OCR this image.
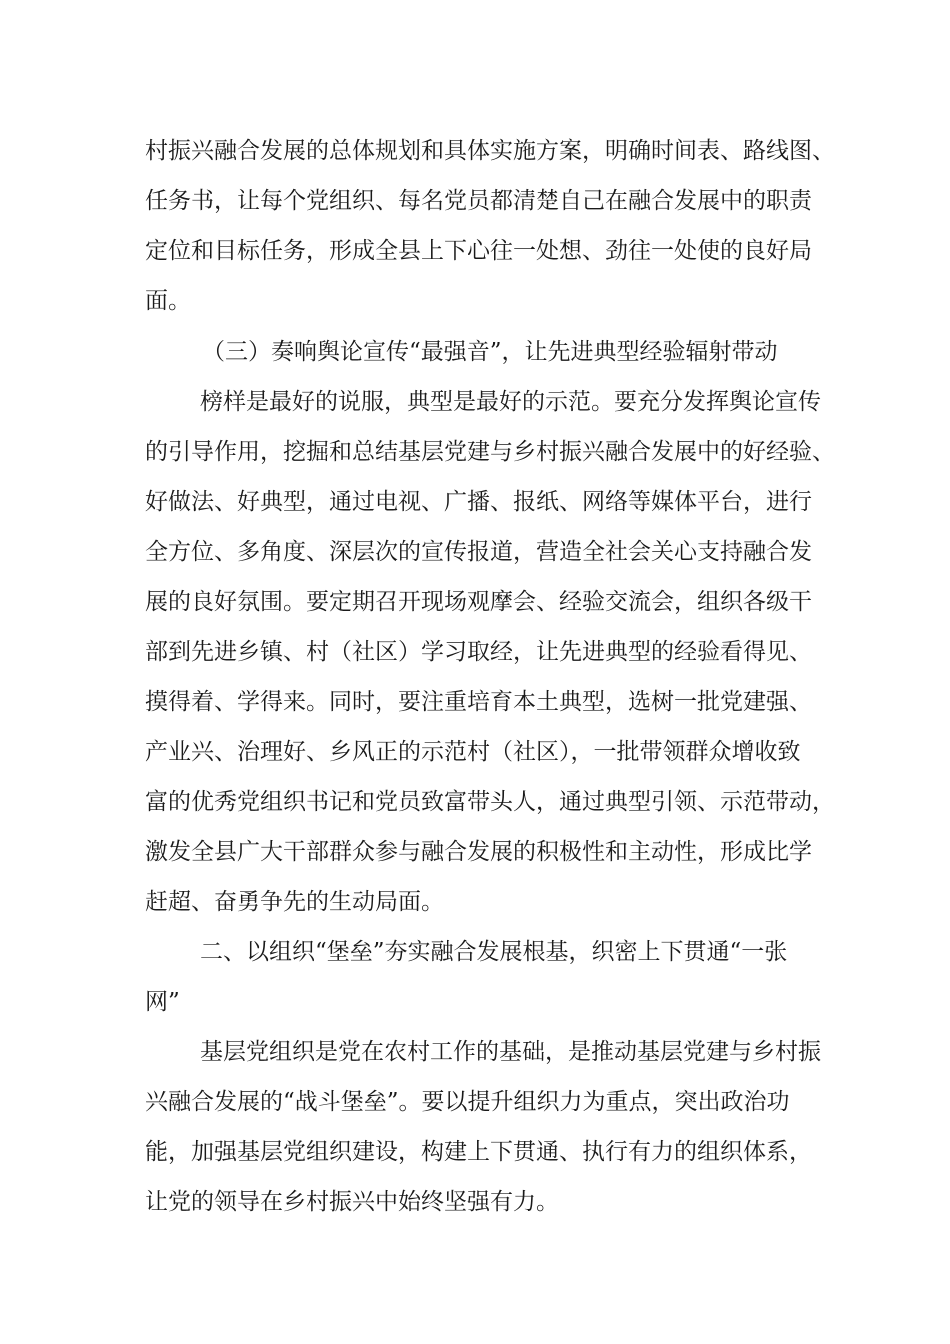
村振兴融合发展的总体规划和具体实施方案，明确时间表、路线图、

任务书，让每个党组织、每名党员都清楚自己在融合发展中的职责

定位和目标任务，形成全县上下心往一处想、劲往一处使的良好局

面。

（三）奏响舆论宣传“最强音”，让先进典型经验辐射带动

榜样是最好的说服，典型是最好的示范。要充分发挥舆论宣传

的引导作用，挖掘和总结基层党建与乡村振兴融合发展中的好经验、

好做法、好典型，通过电视、广播、报纸、网络等媒体平台，进行

全方位、多角度、深层次的宣传报道，营造全社会关心支持融合发

展的良好氛围。要定期召开现场观摩会、经验交流会，组织各级干

部到先进乡镇、村（社区）学习取经，让先进典型的经验看得见、

摸得着、学得来。同时，要注重培育本土典型，选树一批党建强、

产业兴、治理好、乡风正的示范村（社区），一批带领群众增收致

富的优秀党组织书记和党员致富带头人，通过典型引领、示范带动，

激发全县广大干部群众参与融合发展的积极性和主动性，形成比学

赶超、奋勇争先的生动局面。

二、以组织“堡垒”夯实融合发展根基，织密上下贯通“一张

网”

基层党组织是党在农村工作的基础，是推动基层党建与乡村振

兴融合发展的“战斗堡垒”。要以提升组织力为重点，突出政治功

能，加强基层党组织建设，构建上下贯通、执行有力的组织体系，

让党的领导在乡村振兴中始终坚强有力。
